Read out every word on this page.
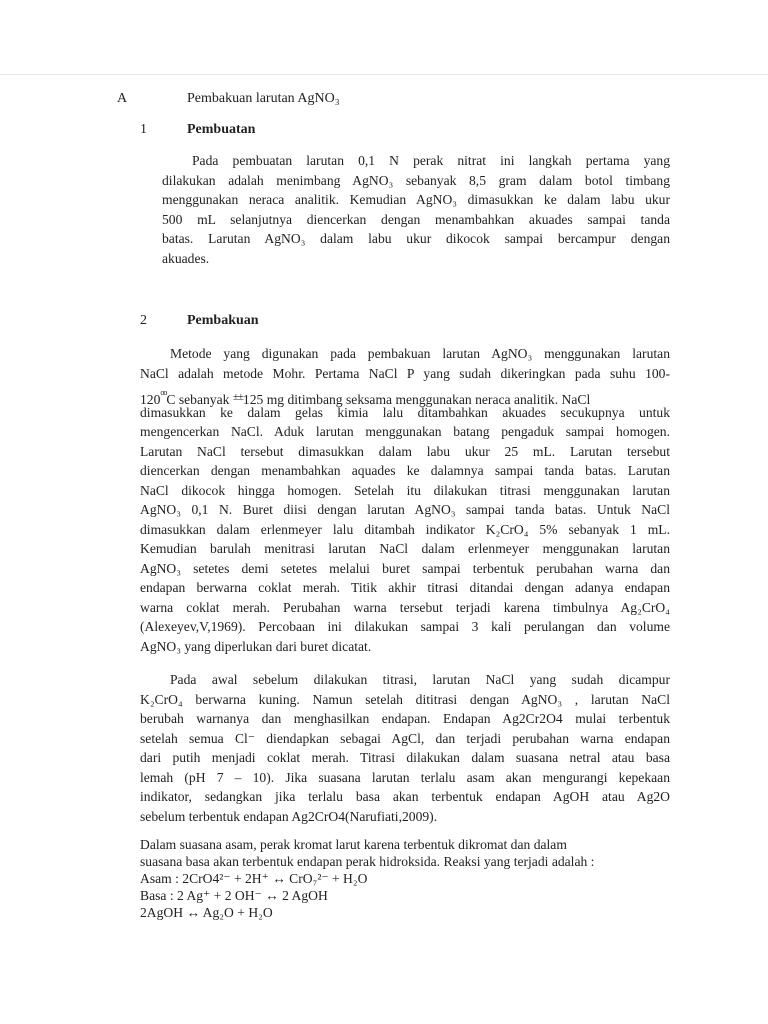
A	Pembakuan larutan AgNO₃
1	Pembuatan
Pada pembuatan larutan 0,1 N perak nitrat ini langkah pertama yang
dilakukan adalah menimbang AgNO₃ sebanyak 8,5 gram dalam botol timbang
menggunakan neraca analitik. Kemudian AgNO₃ dimasukkan ke dalam labu ukur
500 mL selanjutnya diencerkan dengan menambahkan akuades sampai tanda
batas. Larutan AgNO₃ dalam labu ukur dikocok sampai bercampur dengan
akuades.
2	Pembakuan
Metode yang digunakan pada pembakuan larutan AgNO₃ menggunakan larutan
NaCl adalah metode Mohr. Pertama NaCl P yang sudah dikeringkan pada suhu 100-
$120^{oo}C$ sebanyak ±±125 mg ditimbang seksama menggunakan neraca analitik. NaCl
dimasukkan ke dalam gelas kimia lalu ditambahkan akuades secukupnya untuk
mengencerkan NaCl. Aduk larutan menggunakan batang pengaduk sampai homogen.
Larutan NaCl tersebut dimasukkan dalam labu ukur 25 mL. Larutan tersebut
diencerkan dengan menambahkan aquades ke dalamnya sampai tanda batas. Larutan
NaCl dikocok hingga homogen. Setelah itu dilakukan titrasi menggunakan larutan
AgNO₃ 0,1 N. Buret diisi dengan larutan AgNO₃ sampai tanda batas. Untuk NaCl
dimasukkan dalam erlenmeyer lalu ditambah indikator K₂CrO₄ 5% sebanyak 1 mL.
Kemudian barulah menitrasi larutan NaCl dalam erlenmeyer menggunakan larutan
AgNO₃ setetes demi setetes melalui buret sampai terbentuk perubahan warna dan
endapan berwarna coklat merah. Titik akhir titrasi ditandai dengan adanya endapan
warna coklat merah. Perubahan warna tersebut terjadi karena timbulnya Ag₂CrO₄
(Alexeyev,V,1969). Percobaan ini dilakukan sampai 3 kali perulangan dan volume
AgNO₃ yang diperlukan dari buret dicatat.
Pada awal sebelum dilakukan titrasi, larutan NaCl yang sudah dicampur
K₂CrO₄ berwarna kuning. Namun setelah dititrasi dengan AgNO₃ , larutan NaCl
berubah warnanya dan menghasilkan endapan. Endapan Ag2Cr2O4 mulai terbentuk
setelah semua Cl⁻ diendapkan sebagai AgCl, dan terjadi perubahan warna endapan
dari putih menjadi coklat merah. Titrasi dilakukan dalam suasana netral atau basa
lemah (pH 7 – 10). Jika suasana larutan terlalu asam akan mengurangi kepekaan
indikator, sedangkan jika terlalu basa akan terbentuk endapan AgOH atau Ag2O
sebelum terbentuk endapan Ag2CrO4(Narufiati,2009).
Dalam suasana asam, perak kromat larut karena terbentuk dikromat dan dalam
suasana basa akan terbentuk endapan perak hidroksida. Reaksi yang terjadi adalah :
Asam : 2CrO4²⁻ + 2H⁺ ↔ CrO₇²⁻ + H₂O
Basa : 2 Ag⁺ + 2 OH⁻ ↔ 2 AgOH
2AgOH ↔ Ag₂O + H₂O
